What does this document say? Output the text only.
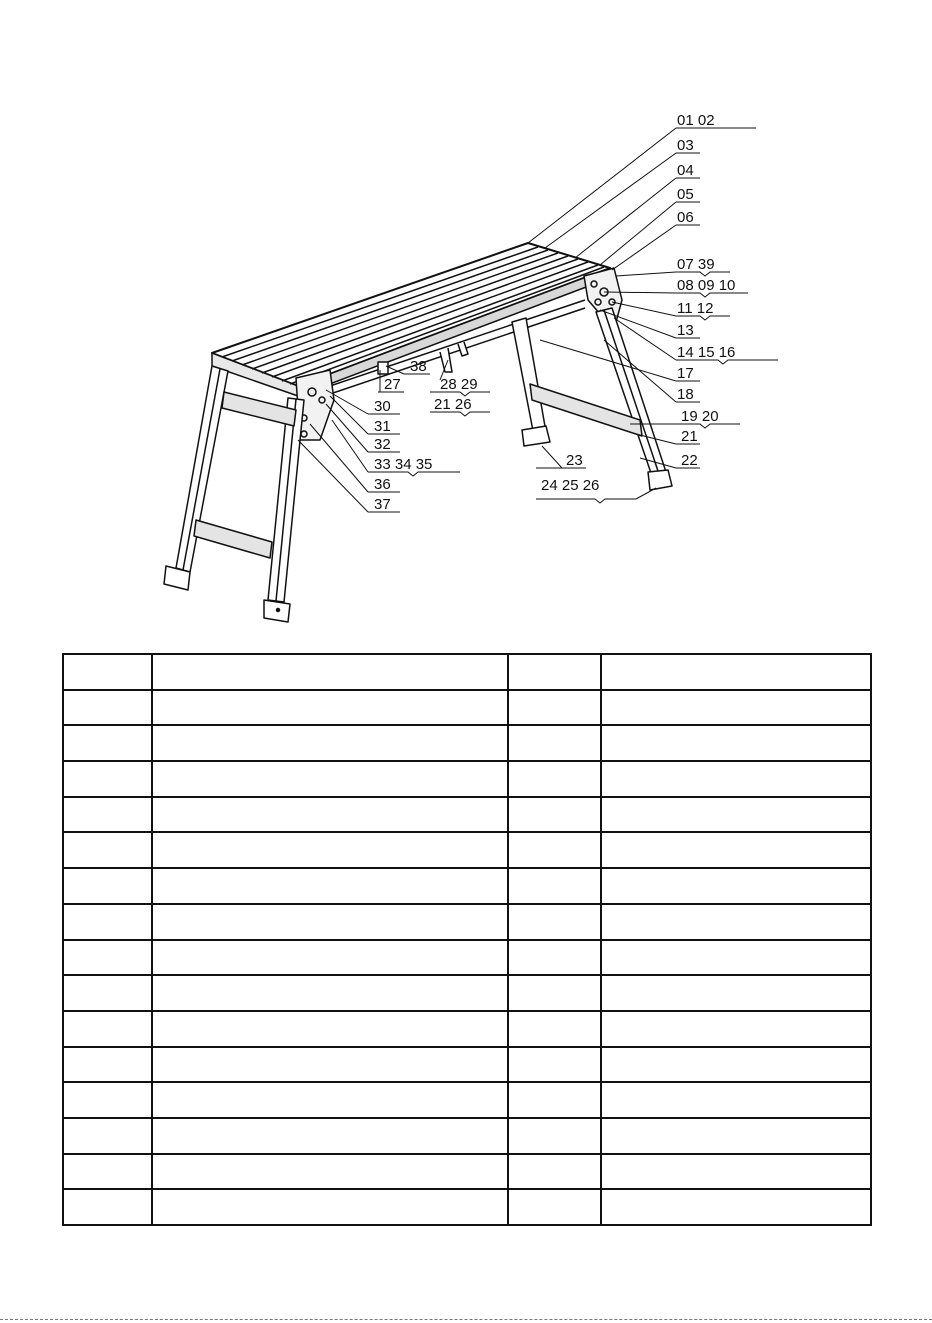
01 02
03
04
05
06
07 39
08 09 10
11 12
13
14 15 16
17
18
19 20
21
22
23
24 25 26
27
38
28 29
21 26
30
31
32
33 34 35
36
37
